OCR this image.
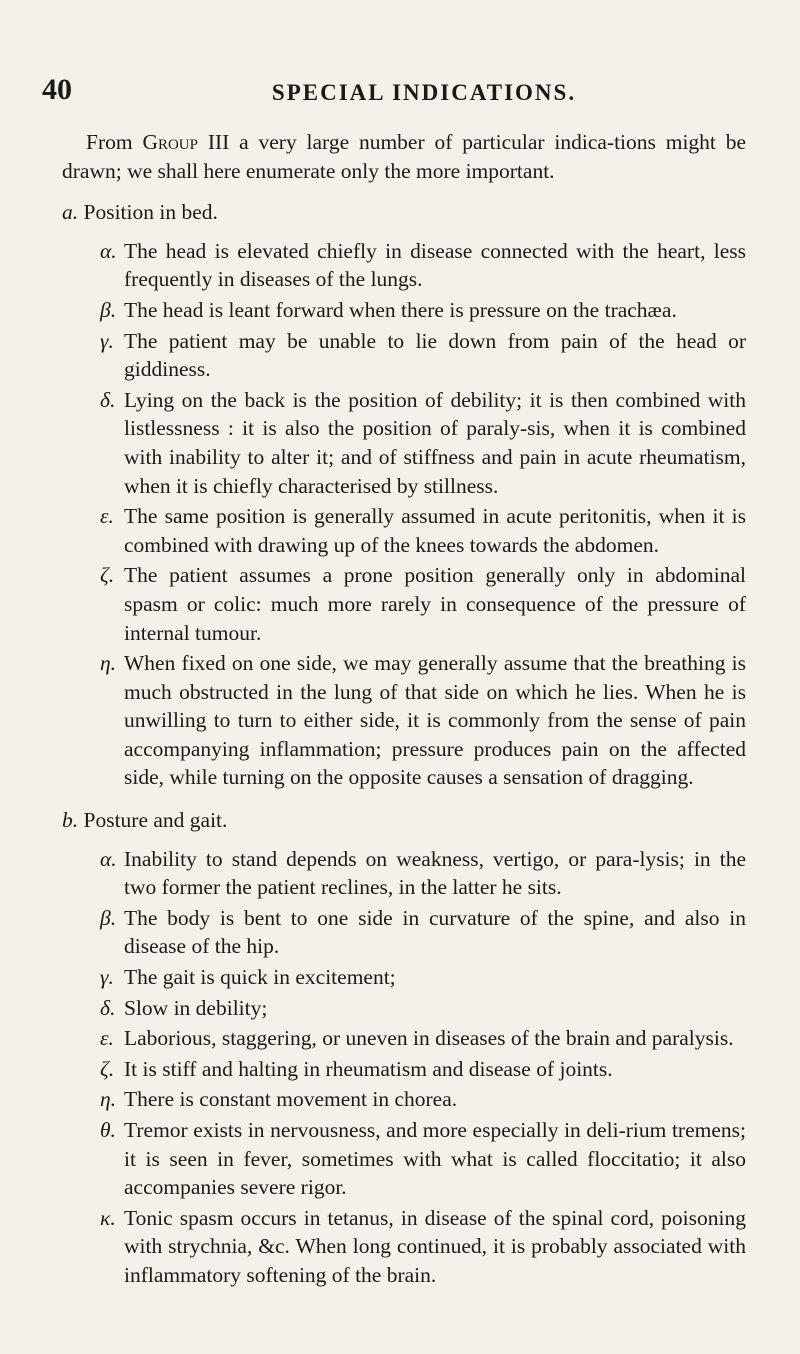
40	SPECIAL INDICATIONS.

From Group III a very large number of particular indica-tions might be drawn; we shall here enumerate only the more important.

a. Position in bed.

α. The head is elevated chiefly in disease connected with the heart, less frequently in diseases of the lungs.

β. The head is leant forward when there is pressure on the trachæa.

γ. The patient may be unable to lie down from pain of the head or giddiness.

δ. Lying on the back is the position of debility; it is then combined with listlessness : it is also the position of paraly-sis, when it is combined with inability to alter it; and of stiffness and pain in acute rheumatism, when it is chiefly characterised by stillness.

ε. The same position is generally assumed in acute peritonitis, when it is combined with drawing up of the knees towards the abdomen.

ζ. The patient assumes a prone position generally only in abdominal spasm or colic: much more rarely in consequence of the pressure of internal tumour.

η. When fixed on one side, we may generally assume that the breathing is much obstructed in the lung of that side on which he lies. When he is unwilling to turn to either side, it is commonly from the sense of pain accompanying inflammation; pressure produces pain on the affected side, while turning on the opposite causes a sensation of dragging.

b. Posture and gait.

α. Inability to stand depends on weakness, vertigo, or para-lysis; in the two former the patient reclines, in the latter he sits.

β. The body is bent to one side in curvature of the spine, and also in disease of the hip.

γ. The gait is quick in excitement;

δ. Slow in debility;

ε. Laborious, staggering, or uneven in diseases of the brain and paralysis.

ζ. It is stiff and halting in rheumatism and disease of joints.

η. There is constant movement in chorea.

θ. Tremor exists in nervousness, and more especially in deli-rium tremens; it is seen in fever, sometimes with what is called floccitatio; it also accompanies severe rigor.

κ. Tonic spasm occurs in tetanus, in disease of the spinal cord, poisoning with strychnia, &c. When long continued, it is probably associated with inflammatory softening of the brain.
